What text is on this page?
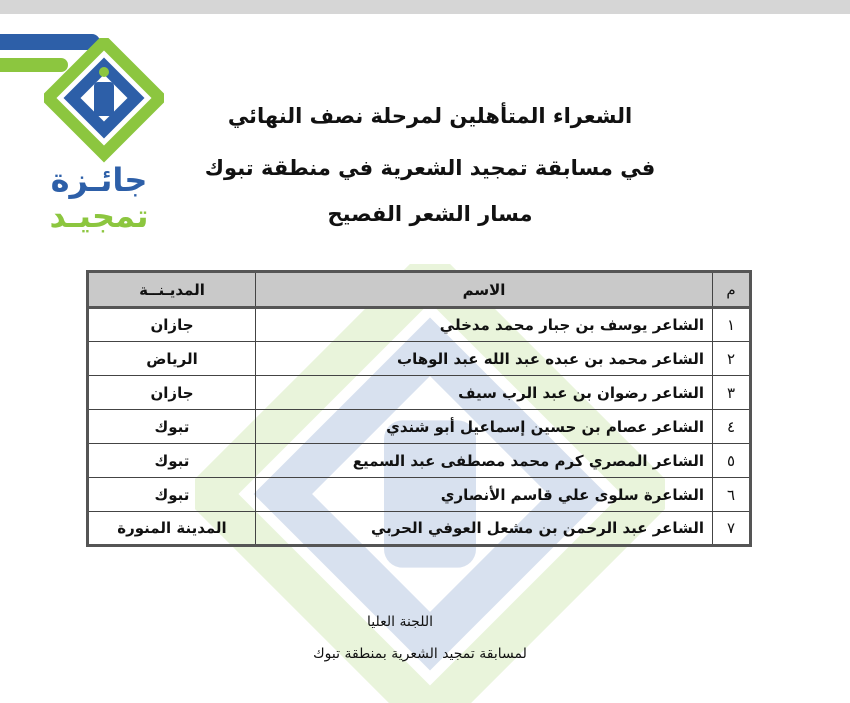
جائـزة
تمجيـد
الشعراء المتأهلين لمرحلة نصف النهائي
في مسابقة تمجيد الشعرية في منطقة تبوك
مسار الشعر الفصيح
م	الاسم	المديـنــة
١	الشاعر يوسف بن جبار محمد مدخلي	جازان
٢	الشاعر محمد بن عبده عبد الله عبد الوهاب	الرياض
٣	الشاعر رضوان بن عبد الرب سيف	جازان
٤	الشاعر عصام بن حسين إسماعيل أبو شندي	تبوك
٥	الشاعر المصري كرم محمد مصطفى عبد السميع	تبوك
٦	الشاعرة سلوى علي قاسم الأنصاري	تبوك
٧	الشاعر عبد الرحمن بن مشعل العوفي الحربي	المدينة المنورة
اللجنة العليا
لمسابقة تمجيد الشعرية بمنطقة تبوك
